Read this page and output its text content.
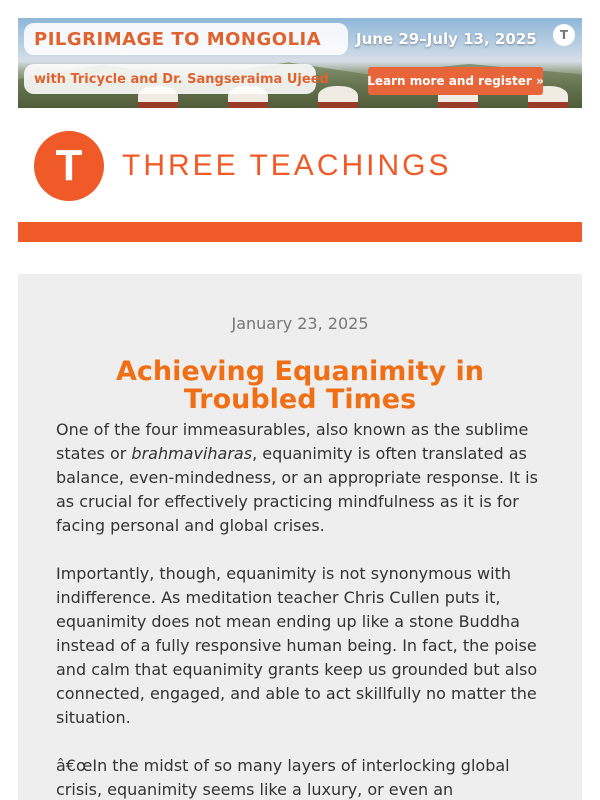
PILGRIMAGE TO MONGOLIA	June 29–July 13, 2025	T
with Tricycle and Dr. Sangseraima Ujeed	Learn more and register »
T	THREE TEACHINGS
January 23, 2025
Achieving Equanimity in Troubled Times

One of the four immeasurables, also known as the sublime states or brahmaviharas, equanimity is often translated as balance, even-mindedness, or an appropriate response. It is as crucial for effectively practicing mindfulness as it is for facing personal and global crises.

Importantly, though, equanimity is not synonymous with indifference. As meditation teacher Chris Cullen puts it, equanimity does not mean ending up like a stone Buddha instead of a fully responsive human being. In fact, the poise and calm that equanimity grants keep us grounded but also connected, engaged, and able to act skillfully no matter the situation.

â€œIn the midst of so many layers of interlocking global crisis, equanimity seems like a luxury, or even an
